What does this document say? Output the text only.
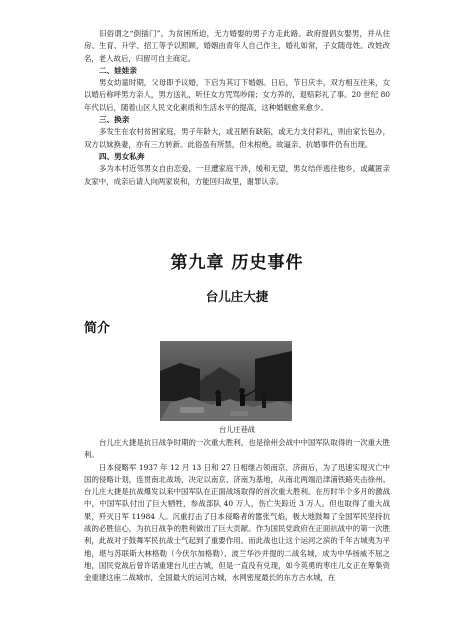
旧俗谓之“倒插门”。为贫困所迫，无力婚娶的男子方走此路。政府提倡女娶男，并从住房、生育、升学、招工等予以照顾，婚姻由青年人自己作主，婚礼如常，子女随母姓。改姓改名，老人故后，归留可自主商定。

二、娃娃亲

男女幼童时期，父母即予议婚，下启为其订下婚姻。日后，节日庆丰，双方相互往来，女以婚后称呼男方亲人，男方送礼，听任女方咒骂吵闹；女方养的，退赔彩礼了事。20 世纪 80 年代以后，随着山区人民文化素质和生活水平的提高，这种婚姻愈来愈少。

三、换亲

多发生在农村贫困家庭，男子年龄大，或丑陋有缺陷，或无力支付彩礼，则由家长包办，双方以妹换妻，亦有三方转新。此俗虽有所禁，但未根绝，故逼亲、抗婚事件仍有出现。

四、男女私奔

多为本村近邻男女自由恋爱，一旦遭家庭干涉，缓和无望，男女结伴逃往他乡，或藏匿亲友家中，成亲后请人向两家说和，方能回归故里，谢罪认亲。

第九章 历史事件
台儿庄大捷
简介

台儿庄巷战

台儿庄大捷是抗日战争时期的一次重大胜利，也是徐州会战中中国军队取得的一次重大胜利。

日本侵略军 1937 年 12 月 13 日和 27 日相继占领南京、济南后，为了迅速实现灭亡中国的侵略计划，连贯南北战场，决定以南京、济南为基地，从南北两端沿津浦铁路夹击徐州。台儿庄大捷是抗战爆发以来中国军队在正面战场取得的首次重大胜利。在历时半个多月的激战中，中国军队付出了巨大牺牲，参战部队 40 万人，伤亡失踪近 3 万人。但也取得了重大战果，歼灭日军 11984 人。沉重打击了日本侵略者的嚣张气焰，极大地鼓舞了全国军民坚持抗战的必胜信心，为抗日战争的胜利做出了巨大贡献。作为国民党政府在正面抗战中的第一次胜利，此战对于鼓舞军民抗战士气起到了重要作用。而此战也让这个运河之滨的千年古城夷为平地，堪与苏联斯大林格勒（今伏尔加格勒）、波兰华沙并提的二战名城，成为中华扬威不屈之地，国民党战后曾许诺重建台儿庄古城，但是一直没有兑现，如今英勇的枣庄儿女正在筹集资金重建这座二战城市，全国最大的运河古城，水网密度最长的东方古水城，在
